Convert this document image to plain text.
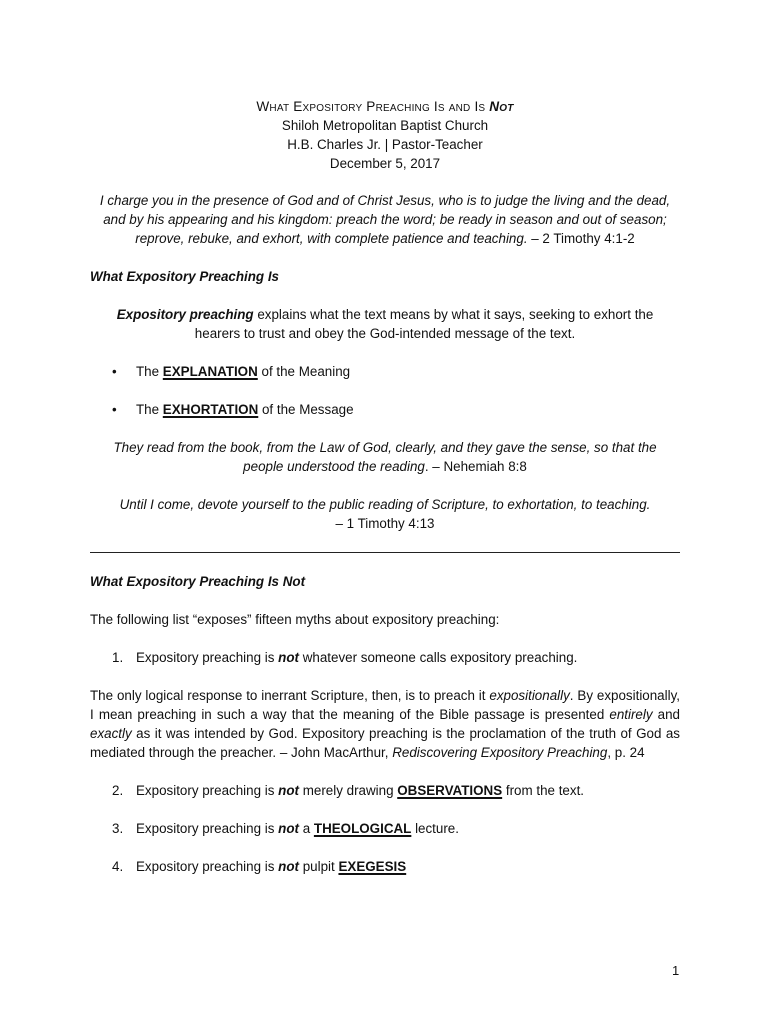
What Expository Preaching Is and Is Not

Shiloh Metropolitan Baptist Church

H.B. Charles Jr. | Pastor-Teacher

December 5, 2017

I charge you in the presence of God and of Christ Jesus, who is to judge the living and the dead, and by his appearing and his kingdom: preach the word; be ready in season and out of season; reprove, rebuke, and exhort, with complete patience and teaching. – 2 Timothy 4:1-2

What Expository Preaching Is

Expository preaching explains what the text means by what it says, seeking to exhort the hearers to trust and obey the God-intended message of the text.

• The EXPLANATION of the Meaning

• The EXHORTATION of the Message

They read from the book, from the Law of God, clearly, and they gave the sense, so that the people understood the reading. – Nehemiah 8:8

Until I come, devote yourself to the public reading of Scripture, to exhortation, to teaching.
– 1 Timothy 4:13

What Expository Preaching Is Not

The following list “exposes” fifteen myths about expository preaching:

1. Expository preaching is not whatever someone calls expository preaching.

The only logical response to inerrant Scripture, then, is to preach it expositionally. By expositionally, I mean preaching in such a way that the meaning of the Bible passage is presented entirely and exactly as it was intended by God. Expository preaching is the proclamation of the truth of God as mediated through the preacher. – John MacArthur, Rediscovering Expository Preaching, p. 24

2. Expository preaching is not merely drawing OBSERVATIONS from the text.

3. Expository preaching is not a THEOLOGICAL lecture.

4. Expository preaching is not pulpit EXEGESIS

1
